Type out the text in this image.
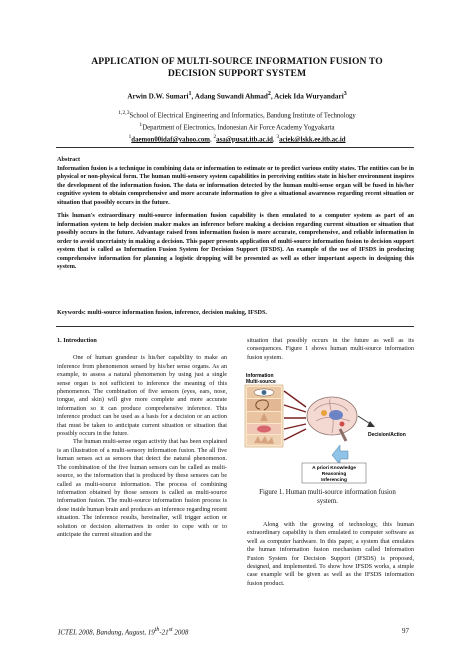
APPLICATION OF MULTI-SOURCE INFORMATION FUSION TO
DECISION SUPPORT SYSTEM
Arwin D.W. Sumari$^1$, Adang Suwandi Ahmad$^2$, Aciek Ida Wuryandari$^3$
$^{1,2,3}$School of Electrical Engineering and Informatics, Bandung Institute of Technology
$^1$Department of Electronics, Indonesian Air Force Academy Yogyakarta
$^1$daemon00idaf@yahoo.com, $^2$asa@pusat.itb.ac.id, $^3$aciek@lskk.ee.itb.ac.id
Abstract

Information fusion is a technique in combining data or information to estimate or to predict various entity states. The entities can be in physical or non-physical form. The human multi-sensory system capabilities in perceiving entities state in his/her environment inspires the development of the information fusion. The data or information detected by the human multi-sense organ will be fused in his/her cognitive system to obtain comprehensive and more accurate information to give a situational awareness regarding recent situation or situation that possibly occurs in the future.

This human's extraordinary multi-source information fusion capability is then emulated to a computer system as part of an information system to help decision maker makes an inference before making a decision regarding current situation or situation that possibly occurs in the future. Advantage raised from information fusion is more accurate, comprehensive, and reliable information in order to avoid uncertainty in making a decision. This paper presents application of multi-source information fusion to decision support system that is called as Information Fusion System for Decision Support (IFSDS). An example of the use of IFSDS in producing comprehensive information for planning a logistic dropping will be presented as well as other important aspects in designing this system.

Keywords: multi-source information fusion, inference, decision making, IFSDS.

1. Introduction

One of human grandeur is his/her capability to make an inference from phenomenon sensed by his/her sense organs. As an example, to assess a natural phenomenon by using just a single sense organ is not sufficient to inference the meaning of this phenomenon. The combination of five sensors (eyes, ears, nose, tongue, and skin) will give more complete and more accurate information so it can produce comprehensive inference. This inference product can be used as a basis for a decision or an action that must be taken to anticipate current situation or situation that possibly occurs in the future.

The human multi-sense organ activity that has been explained is an illustration of a multi-sensory information fusion. The all five human senses act as sensors that detect the natural phenomenon. The combination of the five human sensors can be called as multi-source, so the information that is produced by these sensors can be called as multi-source information. The process of combining information obtained by those sensors is called as multi-source information fusion. The multi-source information fusion process is done inside human brain and produces an inference regarding recent situation. The inference results, hereinafter, will trigger action or solution or decision alternatives in order to cope with or to anticipate the current situation and the

situation that possibly occurs in the future as well as its consequences. Figure 1 shows human multi-source information fusion system.

Information
Multi-source
Decision/Action
A priori Knowledge
Reasoning
Inferencing
Figure 1. Human multi-source information fusion
system.

Along with the growing of technology, this human extraordinary capability is then emulated to computer software as well as computer hardware. In this paper, a system that emulates the human information fusion mechanism called Information Fusion System for Decision Support (IFSDS) is proposed, designed, and implemented. To show how IFSDS works, a simple case example will be given as well as the IFSDS information fusion product.

ICTEL 2008, Bandung, August, 19th-21st 2008	97
